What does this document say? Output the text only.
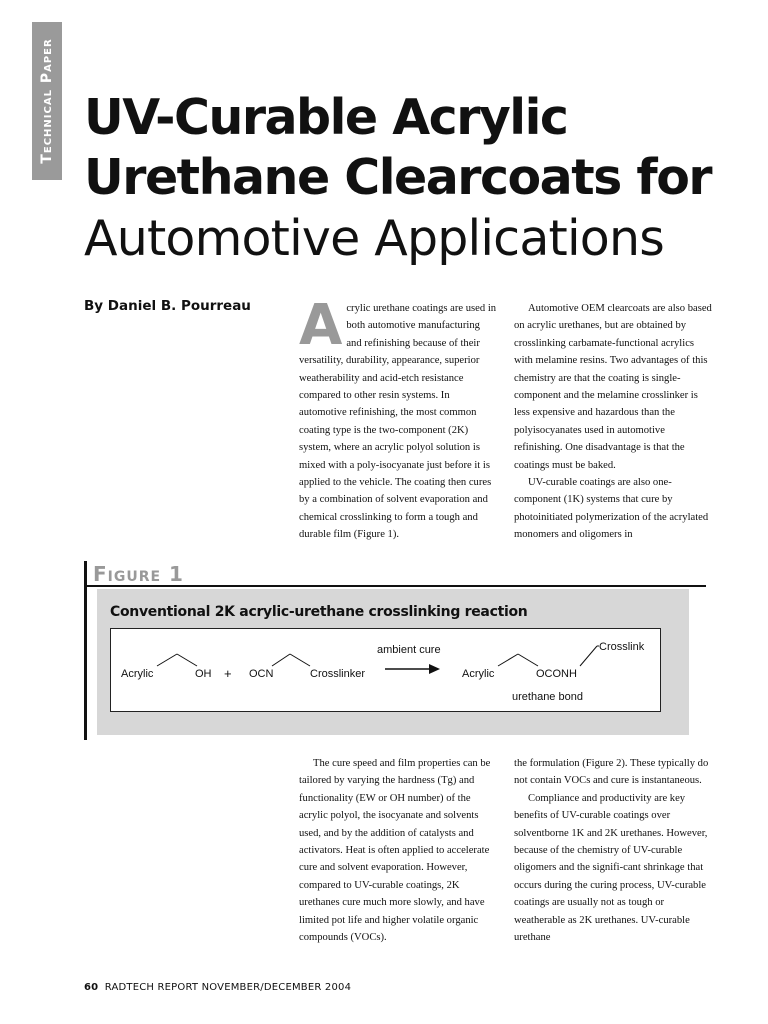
Technical Paper UV-Curable Acrylic
Urethane Clearcoats for
Automotive Applications
By Daniel B. Pourreau Acrylic urethane coatings are used in both automotive manufacturing and refinishing because of their versatility, durability, appearance, superior weatherability and acid-etch resistance compared to other resin systems. In automotive refinishing, the most common coating type is the two-component (2K) system, where an acrylic polyol solution is mixed with a poly-isocyanate just before it is applied to the vehicle. The coating then cures by a combination of solvent evaporation and chemical crosslinking to form a tough and durable film (Figure 1).

Automotive OEM clearcoats are also based on acrylic urethanes, but are obtained by crosslinking carbamate-functional acrylics with melamine resins. Two advantages of this chemistry are that the coating is single-component and the melamine crosslinker is less expensive and hazardous than the polyisocyanates used in automotive refinishing. One disadvantage is that the coatings must be baked.

UV-curable coatings are also one-component (1K) systems that cure by photoinitiated polymerization of the acrylated monomers and oligomers in

Figure 1
Conventional 2K acrylic-urethane crosslinking reaction
Acrylic	OH + OCN	Crosslinker
ambient cure
Acrylic	OCONH
Crosslink
urethane bond

The cure speed and film properties can be tailored by varying the hardness (Tg) and functionality (EW or OH number) of the acrylic polyol, the isocyanate and solvents used, and by the addition of catalysts and activators. Heat is often applied to accelerate cure and solvent evaporation. However, compared to UV-curable coatings, 2K urethanes cure much more slowly, and have limited pot life and higher volatile organic compounds (VOCs).

the formulation (Figure 2). These typically do not contain VOCs and cure is instantaneous.

Compliance and productivity are key benefits of UV-curable coatings over solventborne 1K and 2K urethanes. However, because of the chemistry of UV-curable oligomers and the signifi-cant shrinkage that occurs during the curing process, UV-curable coatings are usually not as tough or weatherable as 2K urethanes. UV-curable urethane

60 RADTECH REPORT NOVEMBER/DECEMBER 2004
